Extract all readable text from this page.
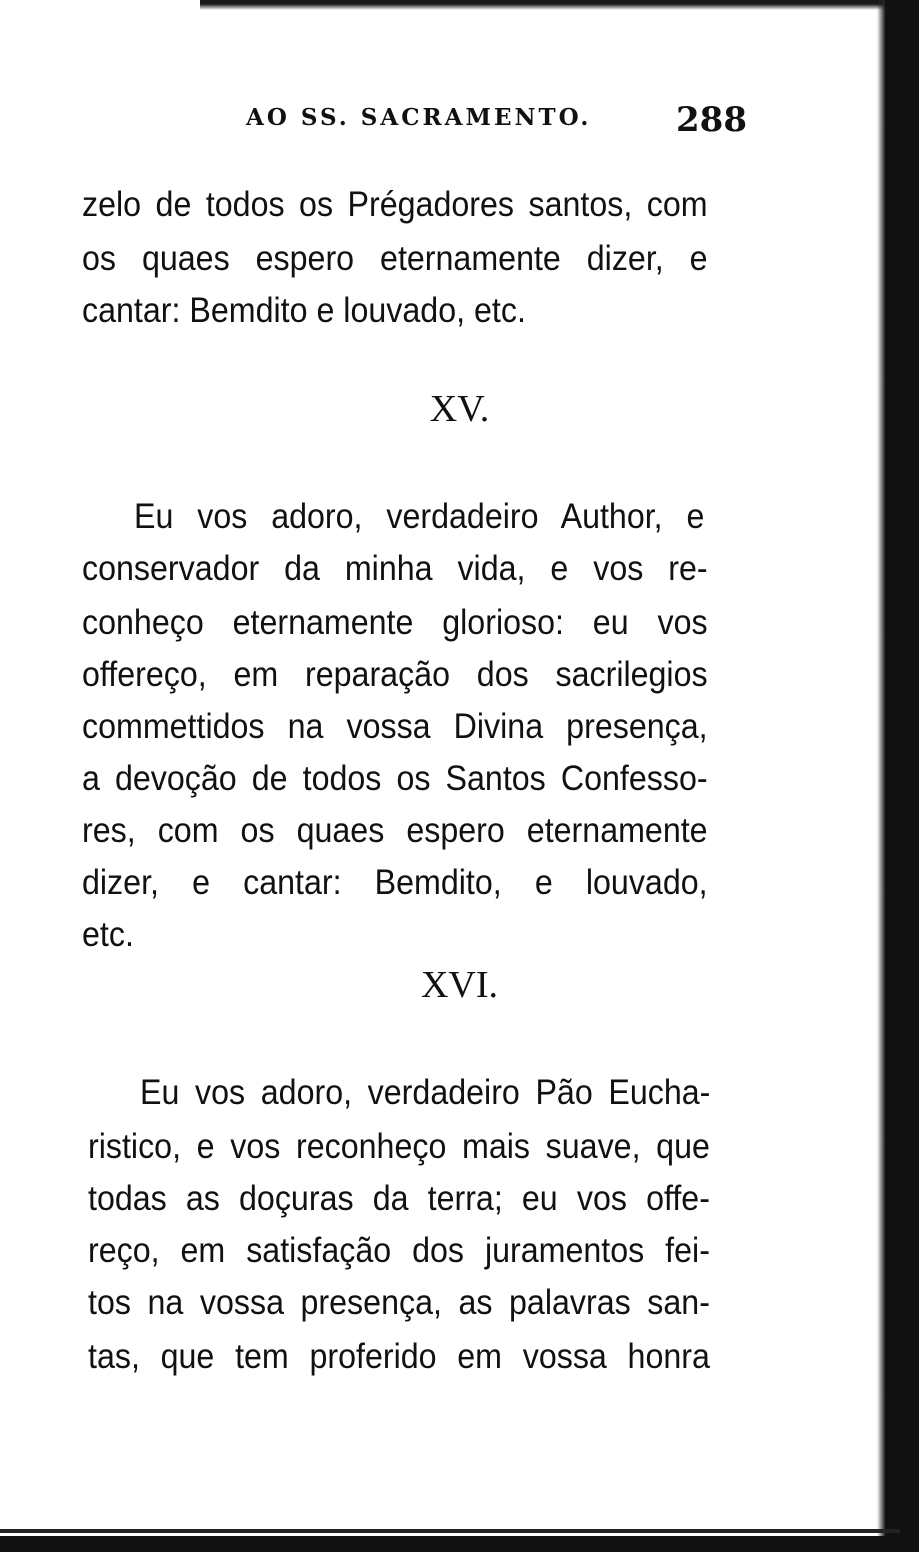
AO SS. SACRAMENTO. 288
zelo de todos os Prégadores santos, com
os quaes espero eternamente dizer, e
cantar: Bemdito e louvado, etc.
XV.
Eu vos adoro, verdadeiro Author, e
conservador da minha vida, e vos re-
conheço eternamente glorioso: eu vos
offereço, em reparação dos sacrilegios
commettidos na vossa Divina presença,
a devoção de todos os Santos Confesso-
res, com os quaes espero eternamente
dizer, e cantar: Bemdito, e louvado,
etc.
XVI.
Eu vos adoro, verdadeiro Pão Eucha-
ristico, e vos reconheço mais suave, que
todas as doçuras da terra; eu vos offe-
reço, em satisfação dos juramentos fei-
tos na vossa presença, as palavras san-
tas, que tem proferido em vossa honra
